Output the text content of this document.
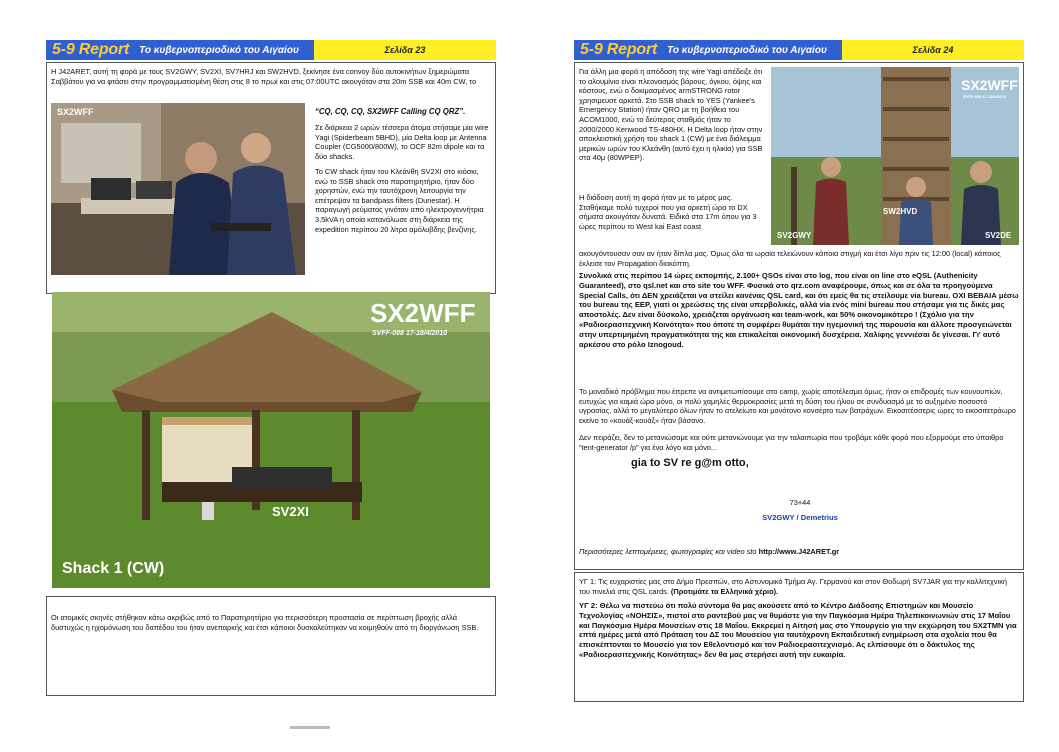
5-9 Report Το κυβερνοπεριοδικό του Αιγαίου	Σελίδα 23

Η J42ARET, αυτή τη φορά με τους SV2GWY, SV2XI, SV7HRJ και SW2HVD, ξεκίνησε ένα convoy δύο αυτοκινήτων ξημερώματα Σαββάτου για να φτάσει στην προγραμματισμένη θέση στις 8 το πρωί και στις 07:00UTC ακουγόταν στα 20m SSB και 40m CW, το

SX2WFF	“CQ, CQ, CQ, SX2WFF Calling CQ QRZ”.

Σε διάρκεια 2 ωρών τέσσερα άτομα στήσαμε μία wire Yagi (Spiderbeam 5BHD), μία Delta loop με Antenna Coupler (CG5000/800W), το OCF 82m dipole και τα δύο shacks.

Το CW shack ήταν του Κλεάνθη SV2XI στο κιόσκι, ενώ το SSB shack στο παρατηρητήριο, ήταν δύο χορηστών, ενώ την ταυτόχρονη λειτουργία την επέτρεψαν τα bandpass filters (Dunestar). Η παραγωγή ρεύματος γινόταν από ηλεκτρογεννήτρια 3,5kVA η οποία κατανάλωσε στη διάρκεια της expedition περίπου 20 λίτρα αμόλυβδης βενζίνης.

SX2WFF
SVFF-008 17-18/4/2010
SV2XI
Shack 1 (CW)

Οι ατομικές σκηνές στήθηκαν κάτω ακριβώς από το Παρατηρητήριο για περισσότερη προστασία σε περίπτωση βροχής αλλά δυστυχώς η ηχομόνωση του δαπέδου του ήταν ανεπαρκής και έτσι κάποιοι δυσκολεύτηκαν να κοιμηθούν από τη διοργάνωση SSB.

5-9 Report Το κυβερνοπεριοδικό του Αιγαίου	Σελίδα 24

Για άλλη μια φορά η απόδοση της wire Yagi απέδειξε ότι το αλουμίνιο είναι πλεονασμός βάρους, όγκου, όψης και κόστους, ενώ ο δοκιμασμένος armSTRONG rotor χρησιμευσε αρκετά. Στο SSB shack το YES (Yankee's Emergency Station) ήταν QRO με τη βοήθεια του ACOM1000, ενώ το δεύτερος σταθμός ήταν το 2000/2000 Kenwood TS-480HX. Η Delta loop ήταν στην αποκλειστική χρήση του shack 1 (CW) με ένα διάλειμμα μερικών ωρών του Κλεάνθη (αυτό έχει η ηλικία) για SSB στα 40μ (80WPEP).

Η διάδοση αυτή τη φορά ήταν με το μέρος μας. Σταθήκαμε πολύ τυχεροί που για αρκετή ώρα το DX σήματα ακουγόταν δυνατά. Ειδικά στα 17m όπου για 3 ώρες περίπου το West kai East coast

SX2WFF
SVFF-008 17-18/4/2010
SV2GWY
SW2HVD
SV2DE

ακουγόντουσαν σαν αν ήταν δίπλα μας. Όμως όλα τα ωραία τελειώνουν κάποια στιγμή και έτσι λίγο πριν τις 12:00 (local) κάποιος έκλεισε τον Propagation διακόπτη.

Συνολικά στις περίπου 14 ώρες εκπομπής, 2.100+ QSOs είναι στο log, που είναι on line στο eQSL (Authenicity Guaranteed), στο qsl.net και στο site του WFF. Φυσικά στο qrz.com αναφέρουμε, όπως και σε όλα τα προηγούμενα Special Calls, ότι ΔΕΝ χρειάζεται να στείλει κανένας QSL card, και ότι εμείς θα τις στείλουμε via bureau. ΟΧΙ ΒΕΒΑΙΑ μέσω του bureau της ΕΕΡ, γιατί οι χρεώσεις της είναι υπερβολικές, αλλά via ενός mini bureau που στήσαμε για τις δικές μας αποστολές. Δεν είναι δύσκολο, χρειάζεται οργάνωση και team-work, και 50% οικονομικότερο ! (Σχόλιο για την «Ραδιοερασιτεχνική Κοινότητα» που όποτε τη συμφέρει θυμάται την ηγεμονική της παρουσία και άλλοτε προσγειώνεται στην υπερτιμημένη πραγματικότητα της και επικαλείται οικονομική δυσχέρεια. Χαλίφης γεννιέσαι δε γίνεσαι. Γι' αυτό αρκέσου στο ρόλο Iznogoud.

Το μοναδικό πρόβλημα που έπρεπε να αντιμετωπίσουμε στο camp, χωρίς αποτέλεσμα όμως, ήταν οι επιδρομές των κουνουπιών, ευτυχώς για καμιά ώρα μόνο, οι πολύ χαμηλές θερμοκρασίες μετά τη δύση του ήλιου σε συνδυασμό με το αυξημένο ποσοστό υγρασίας, αλλά το μεγαλύτερο όλων ήταν το ατελείωτο και μονότονο κονσέρτο των βατράχων. Εικοσιτέσσερις ώρες το εικοσιτετράωρο εκείνο το «κουάξ-κουάξ» ήταν βάσανο.

Δεν πειράζει, δεν το μετανιώσαμε και ούτε μετανιώνουμε για την ταλαιπωρία που τροβάμε κάθε φορά που εξορμούμε στο ύπαιθρο “tent-generator /p” για ένα λόγο και μόνο...

gia to SV re g@m otto,

73+44

SV2GWY / Demetrius

Περισσότερες λεπτομέρειες, φωτογραφίες και video sto http://www.J42ARET.gr

ΥΓ 1: Τις ευχαριστίες μας στο Δήμο Πρεσπών, στο Αστυνομικό Τμήμα Αγ. Γερμανού και στον Θοδωρή SV7JAR για την καλλιτεχνική του πινελιά στις QSL cards. (Προτιμάτε τα Ελληνικά χέριο).

ΥΓ 2: Θέλω να πιστεύω ότι πολύ σύντομα θα μας ακούσετε από το Κέντρο Διάδοσης Επιστημών και Μουσείο Τεχνολογίας «ΝΟΗΣΙΣ», πιστοί στο ραντεβού μας να θυμάστε για την Παγκόσμια Ημέρα Τηλεπικοινωνιών στις 17 Μαΐου και Παγκόσμια Ημέρα Μουσείων στις 18 Μαΐου. Εκκρεμεί η Αίτησή μας στο Υπουργείο για την εκχώρηση του SX2TMN για επτά ημέρες μετά από Πρόταση του ΔΣ του Μουσείου για ταυτόχρονη Εκπαιδευτική ενημέρωση στα σχολεία που θα επισκέπτονται το Μουσείο για τον Εθελοντισμό και τον Ραδιοερασιτεχνισμό. Ας ελπίσουμε ότι ο δάκτυλος της «Ραδιοερασιτεχνικής Κοινότητας» δεν θα μας στερήσει αυτή την ευκαιρία.
